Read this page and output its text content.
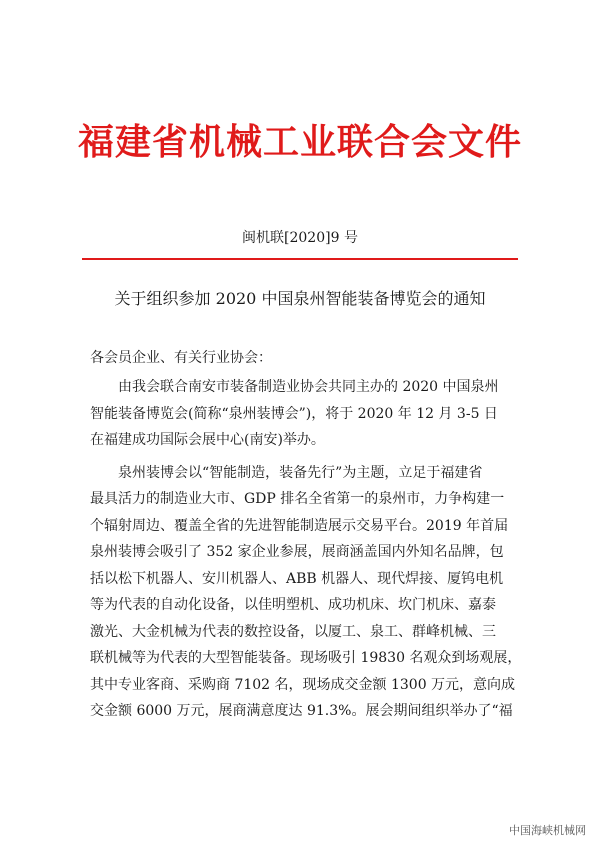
福建省机械工业联合会文件
闽机联[2020]9 号
关于组织参加 2020 中国泉州智能装备博览会的通知
各会员企业、有关行业协会：
由我会联合南安市装备制造业协会共同主办的 2020 中国泉州
智能装备博览会(简称“泉州装博会”)，将于 2020 年 12 月 3-5 日
在福建成功国际会展中心(南安)举办。
泉州装博会以“智能制造，装备先行”为主题，立足于福建省
最具活力的制造业大市、GDP 排名全省第一的泉州市，力争构建一
个辐射周边、覆盖全省的先进智能制造展示交易平台。2019 年首届
泉州装博会吸引了 352 家企业参展，展商涵盖国内外知名品牌，包
括以松下机器人、安川机器人、ABB 机器人、现代焊接、厦钨电机
等为代表的自动化设备，以佳明塑机、成功机床、坎门机床、嘉泰
激光、大金机械为代表的数控设备，以厦工、泉工、群峰机械、三
联机械等为代表的大型智能装备。现场吸引 19830 名观众到场观展，
其中专业客商、采购商 7102 名，现场成交金额 1300 万元，意向成
交金额 6000 万元，展商满意度达 91.3%。展会期间组织举办了“福
中国海峡机械网
